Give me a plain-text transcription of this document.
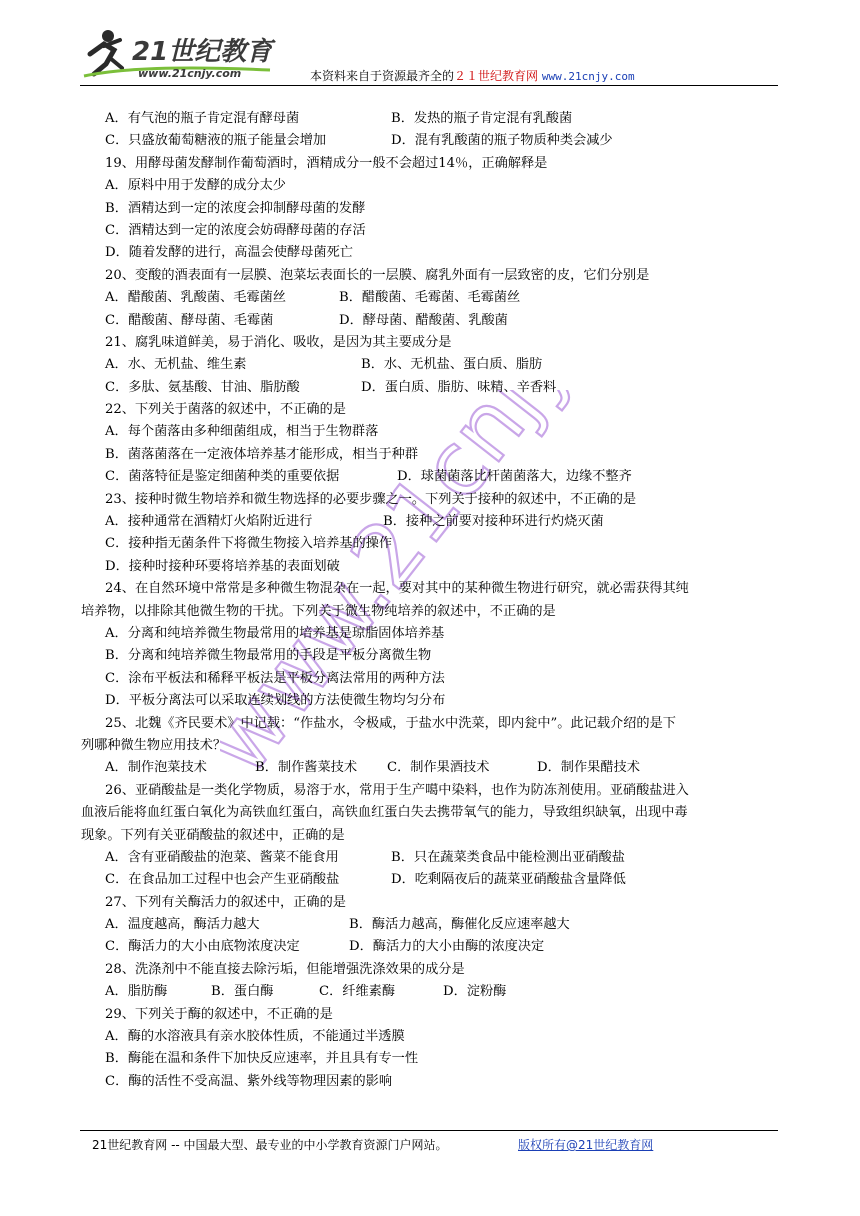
21世纪教育
www.21cnjy.com	本资料来自于资源最齐全的２１世纪教育网 www.21cnjy.com
www.21cnjy.com
A．有气泡的瓶子肯定混有酵母菌	B．发热的瓶子肯定混有乳酸菌
C．只盛放葡萄糖液的瓶子能量会增加	D．混有乳酸菌的瓶子物质种类会减少
19、用酵母菌发酵制作葡萄酒时，酒精成分一般不会超过14％，正确解释是
A．原料中用于发酵的成分太少
B．酒精达到一定的浓度会抑制酵母菌的发酵
C．酒精达到一定的浓度会妨碍酵母菌的存活
D．随着发酵的进行，高温会使酵母菌死亡
20、变酸的酒表面有一层膜、泡菜坛表面长的一层膜、腐乳外面有一层致密的皮，它们分别是
A．醋酸菌、乳酸菌、毛霉菌丝	B．醋酸菌、毛霉菌、毛霉菌丝
C．醋酸菌、酵母菌、毛霉菌	D．酵母菌、醋酸菌、乳酸菌
21、腐乳味道鲜美，易于消化、吸收，是因为其主要成分是
A．水、无机盐、维生素	B．水、无机盐、蛋白质、脂肪
C．多肽、氨基酸、甘油、脂肪酸	D．蛋白质、脂肪、味精、辛香料
22、下列关于菌落的叙述中，不正确的是
A．每个菌落由多种细菌组成，相当于生物群落
B．菌落菌落在一定液体培养基才能形成，相当于种群
C．菌落特征是鉴定细菌种类的重要依据	D．球菌菌落比杆菌菌落大，边缘不整齐
23、接种时微生物培养和微生物选择的必要步骤之一。下列关于接种的叙述中，不正确的是
A．接种通常在酒精灯火焰附近进行	B．接种之前要对接种环进行灼烧灭菌
C．接种指无菌条件下将微生物接入培养基的操作
D．接种时接种环要将培养基的表面划破
24、在自然环境中常常是多种微生物混杂在一起，要对其中的某种微生物进行研究，就必需获得其纯
培养物，以排除其他微生物的干扰。下列关于微生物纯培养的叙述中，不正确的是
A．分离和纯培养微生物最常用的培养基是琼脂固体培养基
B．分离和纯培养微生物最常用的手段是平板分离微生物
C．涂布平板法和稀释平板法是平板分离法常用的两种方法
D．平板分离法可以采取连续划线的方法使微生物均匀分布
25、北魏《齐民要术》中记载：“作盐水，令极咸，于盐水中洗菜，即内瓮中”。此记载介绍的是下
列哪种微生物应用技术？
A．制作泡菜技术	B．制作酱菜技术	C．制作果酒技术	D．制作果醋技术
26、亚硝酸盐是一类化学物质，易溶于水，常用于生产噶中染料，也作为防冻剂使用。亚硝酸盐进入
血液后能将血红蛋白氧化为高铁血红蛋白，高铁血红蛋白失去携带氧气的能力，导致组织缺氧，出现中毒
现象。下列有关亚硝酸盐的叙述中，正确的是
A．含有亚硝酸盐的泡菜、酱菜不能食用	B．只在蔬菜类食品中能检测出亚硝酸盐
C．在食品加工过程中也会产生亚硝酸盐	D．吃剩隔夜后的蔬菜亚硝酸盐含量降低
27、下列有关酶活力的叙述中，正确的是
A．温度越高，酶活力越大	B．酶活力越高，酶催化反应速率越大
C．酶活力的大小由底物浓度决定	D．酶活力的大小由酶的浓度决定
28、洗涤剂中不能直接去除污垢，但能增强洗涤效果的成分是
A．脂肪酶	B．蛋白酶	C．纤维素酶	D．淀粉酶
29、下列关于酶的叙述中，不正确的是
A．酶的水溶液具有亲水胶体性质，不能通过半透膜
B．酶能在温和条件下加快反应速率，并且具有专一性
C．酶的活性不受高温、紫外线等物理因素的影响
21世纪教育网 -- 中国最大型、最专业的中小学教育资源门户网站。	版权所有@21世纪教育网
